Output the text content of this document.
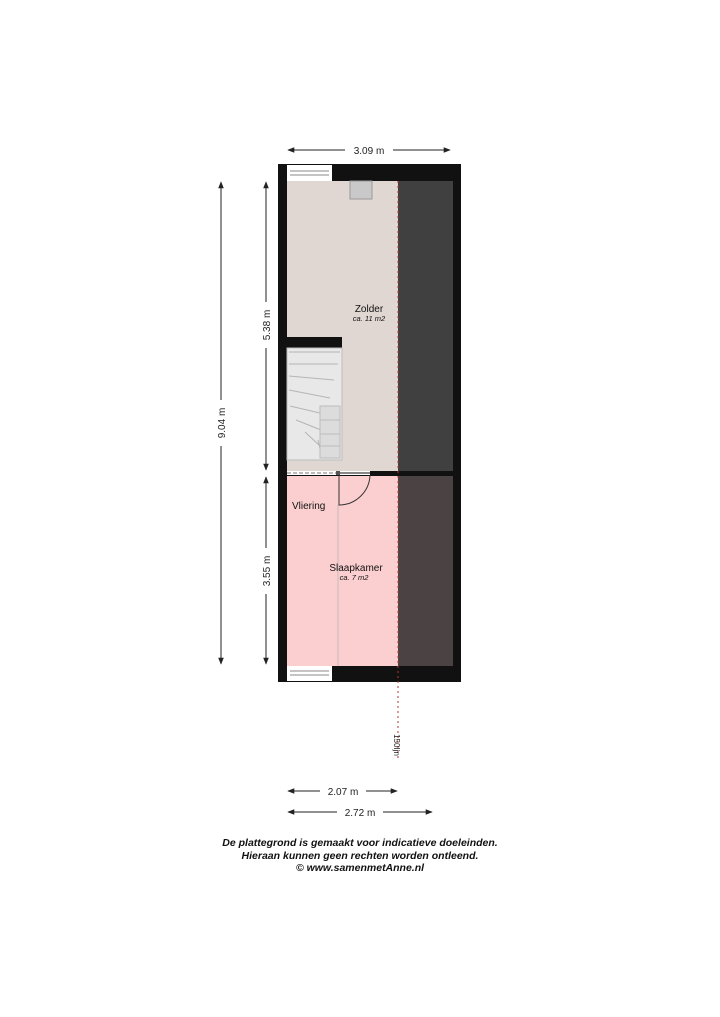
3.09 m
9.04 m
5.38 m
3.55 m
Zolder
ca. 11 m2
Vliering
Slaapkamer
ca. 7 m2
150Ijn
2.07 m
2.72 m
De plattegrond is gemaakt voor indicatieve doeleinden.
Hieraan kunnen geen rechten worden ontleend.
© www.samenmetAnne.nl
